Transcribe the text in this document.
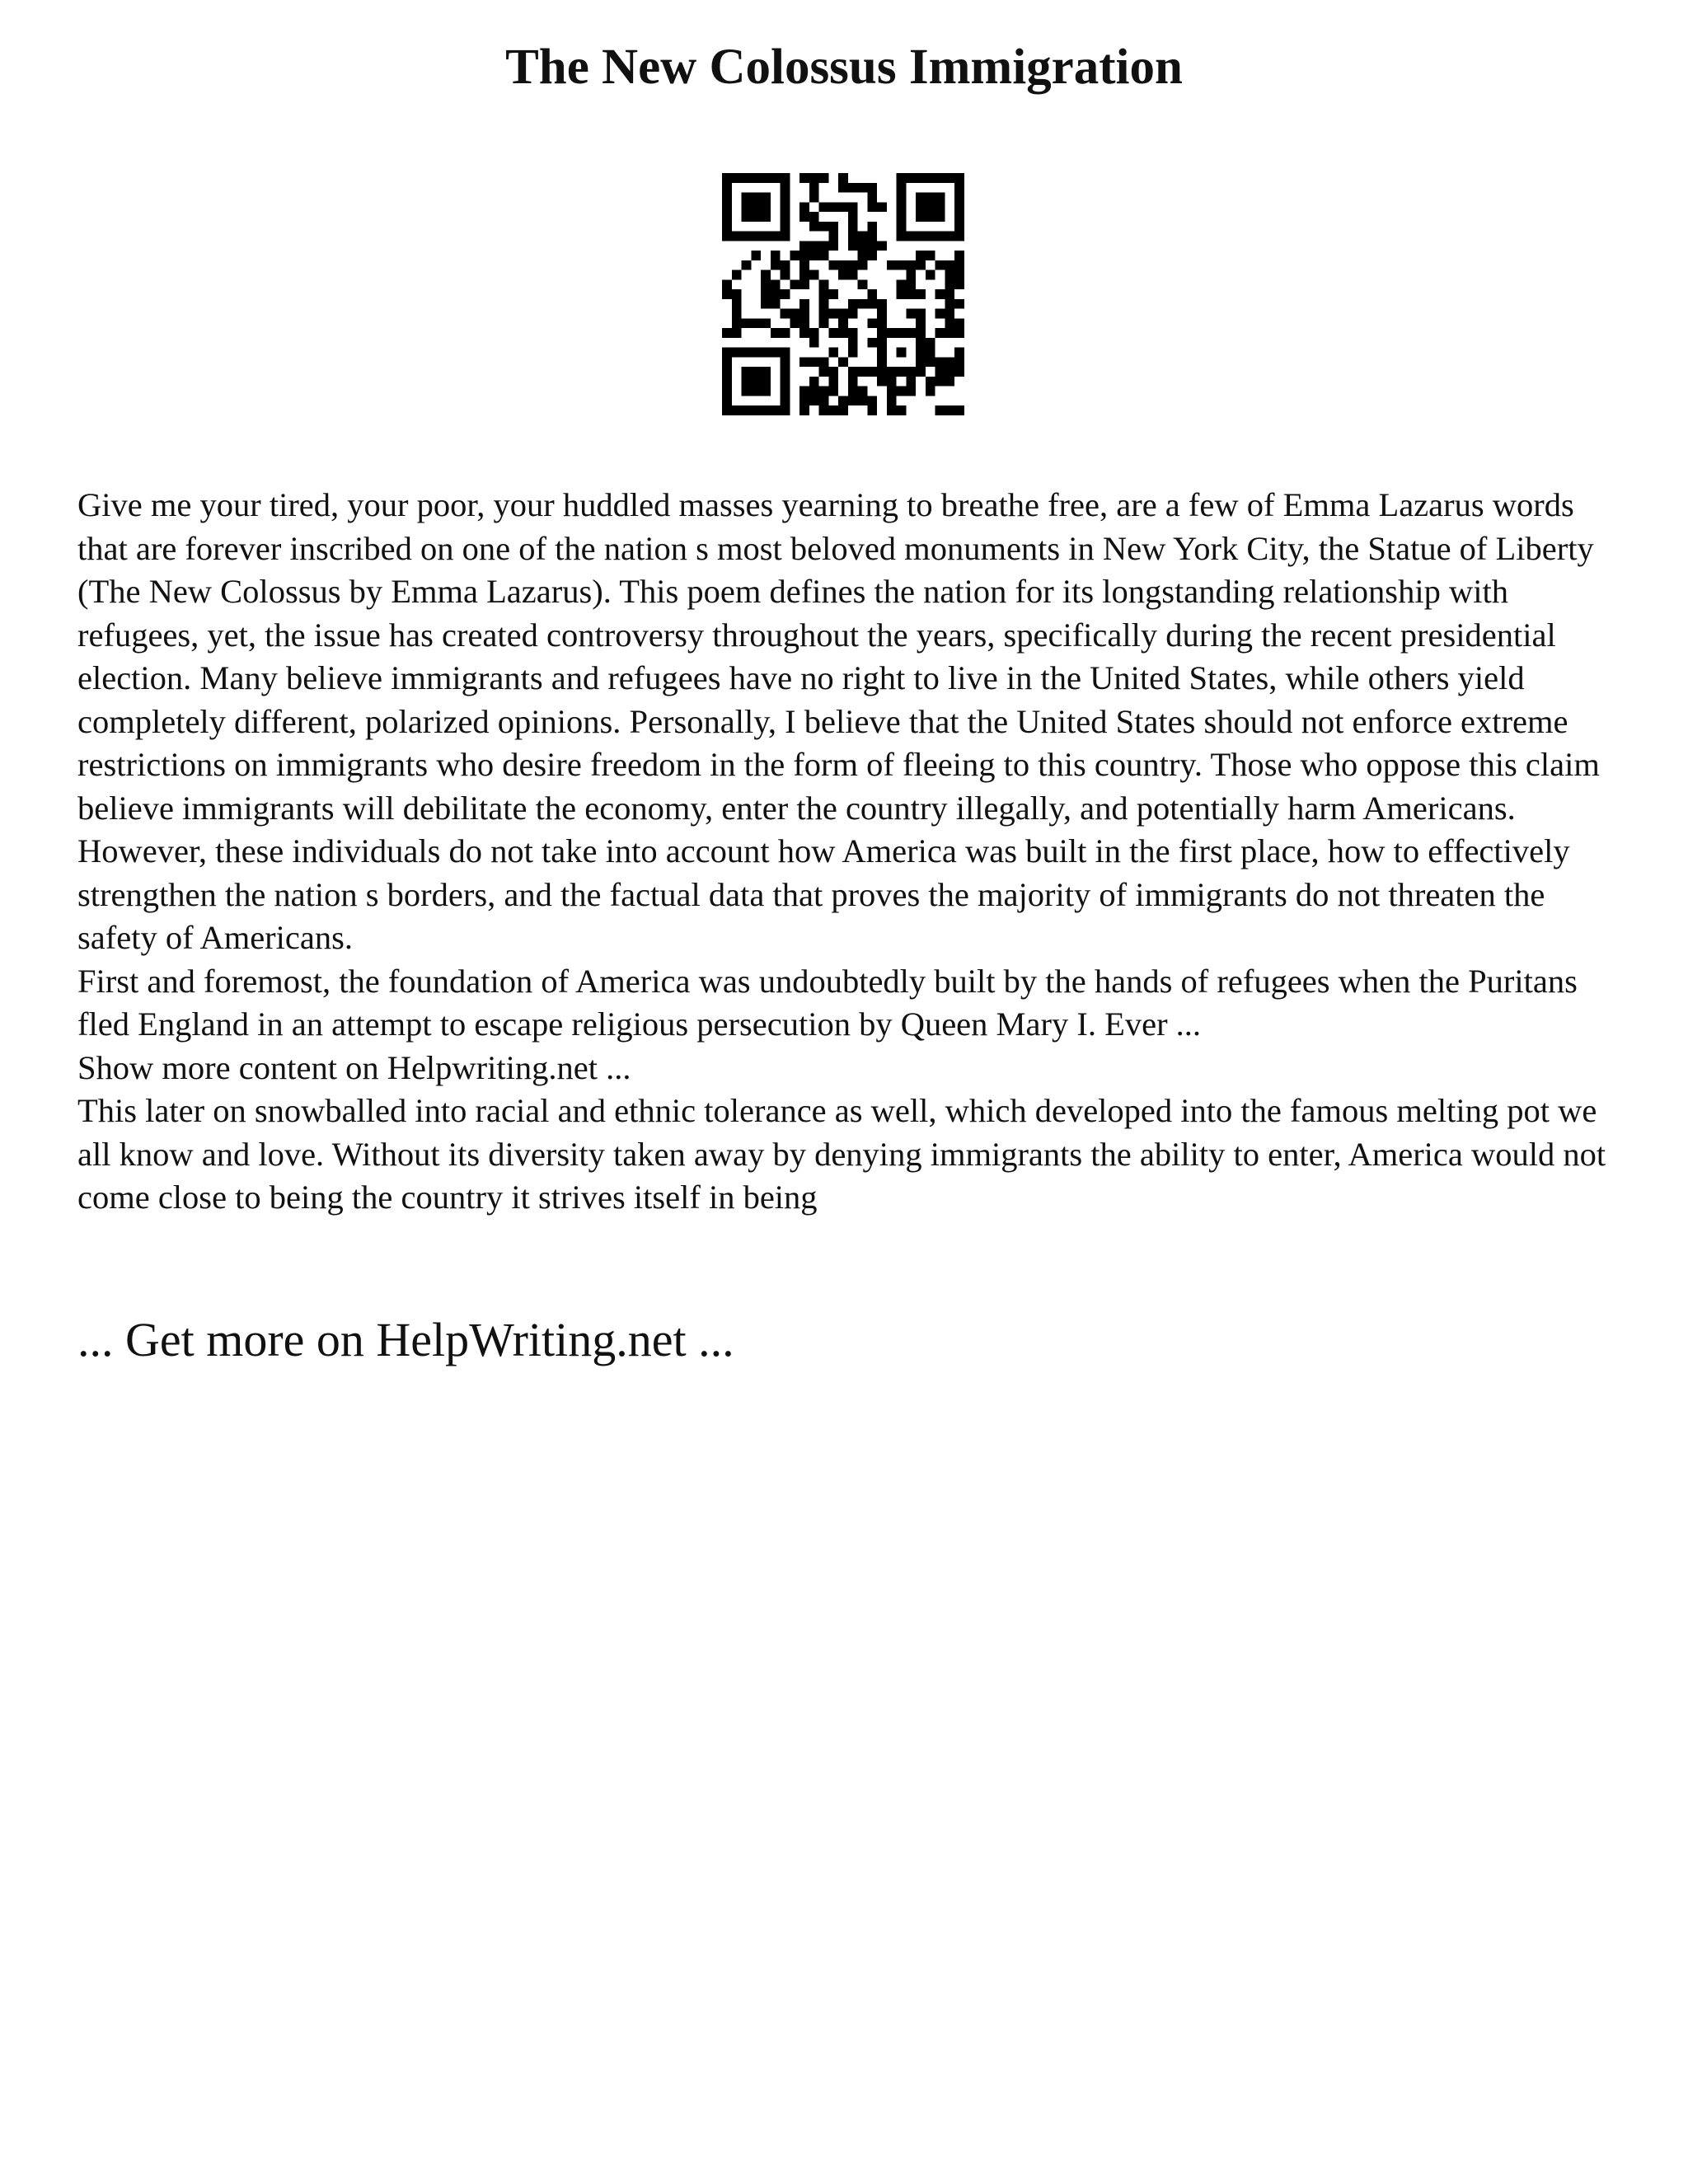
The New Colossus Immigration

Give me your tired, your poor, your huddled masses yearning to breathe free, are a few of Emma Lazarus words that are forever inscribed on one of the nation s most beloved monuments in New York City, the Statue of Liberty (The New Colossus by Emma Lazarus). This poem defines the nation for its longstanding relationship with refugees, yet, the issue has created controversy throughout the years, specifically during the recent presidential election. Many believe immigrants and refugees have no right to live in the United States, while others yield completely different, polarized opinions. Personally, I believe that the United States should not enforce extreme restrictions on immigrants who desire freedom in the form of fleeing to this country. Those who oppose this claim believe immigrants will debilitate the economy, enter the country illegally, and potentially harm Americans. However, these individuals do not take into account how America was built in the first place, how to effectively strengthen the nation s borders, and the factual data that proves the majority of immigrants do not threaten the safety of Americans.

First and foremost, the foundation of America was undoubtedly built by the hands of refugees when the Puritans fled England in an attempt to escape religious persecution by Queen Mary I. Ever ...

Show more content on Helpwriting.net ...

This later on snowballed into racial and ethnic tolerance as well, which developed into the famous melting pot we all know and love. Without its diversity taken away by denying immigrants the ability to enter, America would not come close to being the country it strives itself in being

... Get more on HelpWriting.net ...
